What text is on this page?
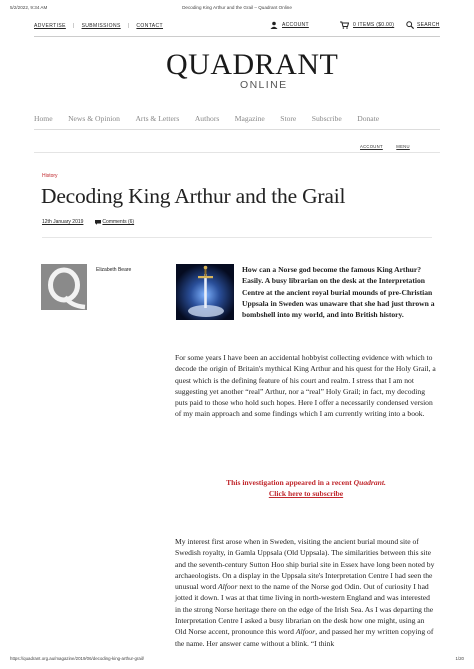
5/2/2022, 9:34 AM	Decoding King Arthur and the Grail – Quadrant Online
ADVERTISE | SUBMISSIONS | CONTACT	ACCOUNT	0 ITEMS ($0.00)	SEARCH
QUADRANT
ONLINE
Home News & Opinion Arts & Letters Authors Magazine Store Subscribe Donate
ACCOUNT	MENU
History
Decoding King Arthur and the Grail
12th January 2019	Comments (6)
Elizabeth Beare	How can a Norse god become the famous King Arthur? Easily. A busy librarian on the desk at the Interpretation Centre at the ancient royal burial mounds of pre-Christian Uppsala in Sweden was unaware that she had just thrown a bombshell into my world, and into British history.

For some years I have been an accidental hobbyist collecting evidence with which to decode the origin of Britain's mythical King Arthur and his quest for the Holy Grail, a quest which is the defining feature of his court and realm. I stress that I am not suggesting yet another “real” Arthur, nor a “real” Holy Grail; in fact, my decoding puts paid to those who hold such hopes. Here I offer a necessarily condensed version of my main approach and some findings which I am currently writing into a book.

This investigation appeared in a recent Quadrant.
Click here to subscribe

My interest first arose when in Sweden, visiting the ancient burial mound site of Swedish royalty, in Gamla Uppsala (Old Uppsala). The similarities between this site and the seventh-century Sutton Hoo ship burial site in Essex have long been noted by archaeologists. On a display in the Uppsala site's Interpretation Centre I had seen the unusual word Alfoor next to the name of the Norse god Odin. Out of curiosity I had jotted it down. I was at that time living in north-western England and was interested in the strong Norse heritage there on the edge of the Irish Sea. As I was departing the Interpretation Centre I asked a busy librarian on the desk how one might, using an Old Norse accent, pronounce this word Alfoor, and passed her my written copying of the name. Her answer came without a blink. “I think

https://quadrant.org.au/magazine/2019/06/decoding-king-arthur-grail/	1/20
